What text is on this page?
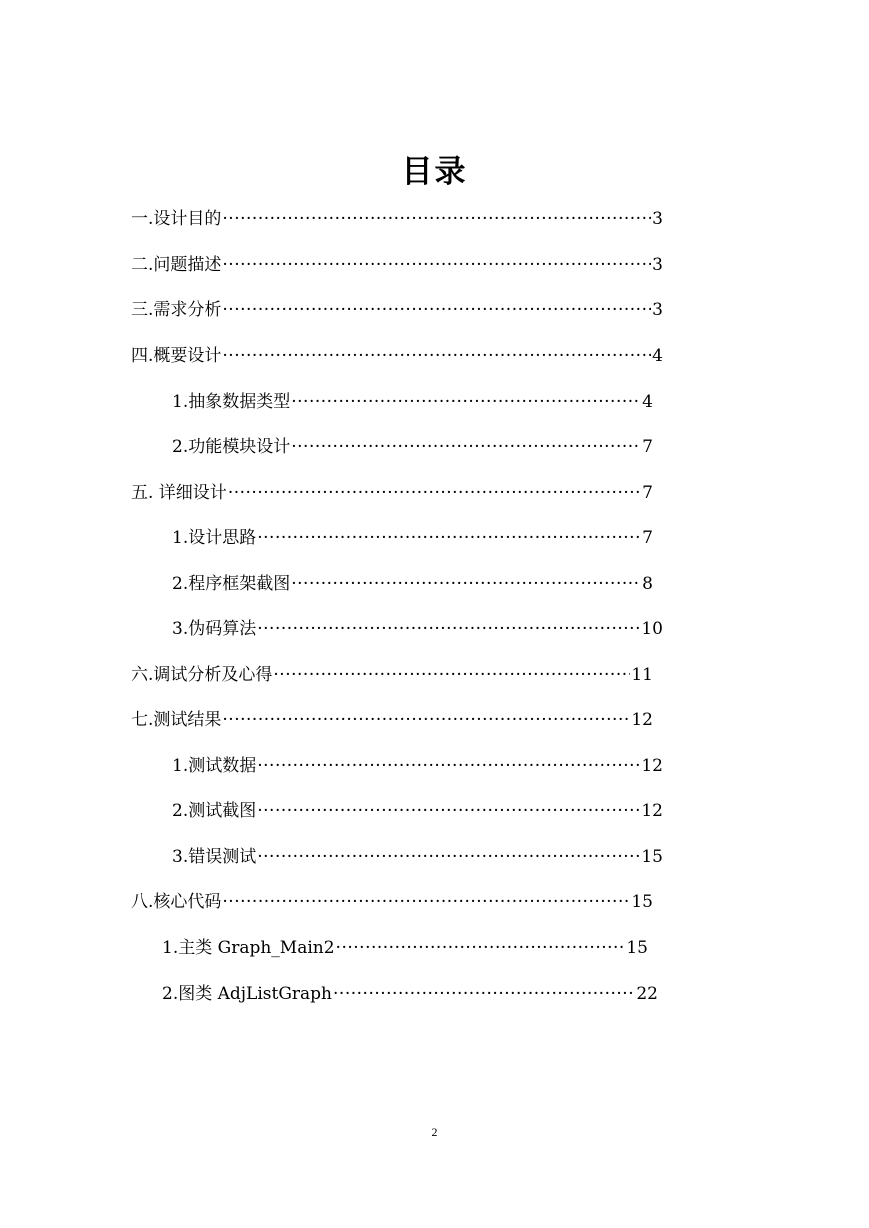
目录
一.设计目的 ·····	3
二.问题描述 ·····	3
三.需求分析 ·····	3
四.概要设计 ·····	4
1.抽象数据类型 ·····	4
2.功能模块设计 ·····	7
五. 详细设计 ·····	7
1.设计思路 ·····	7
2.程序框架截图 ·····	8
3.伪码算法 ·····	10
六.调试分析及心得 ·····	11
七.测试结果 ·····	12
1.测试数据 ·····	12
2.测试截图 ·····	12
3.错误测试 ·····	15
八.核心代码 ·····	15
1.主类 Graph_Main2 ·····	15
2.图类 AdjListGraph ·····	22
2
